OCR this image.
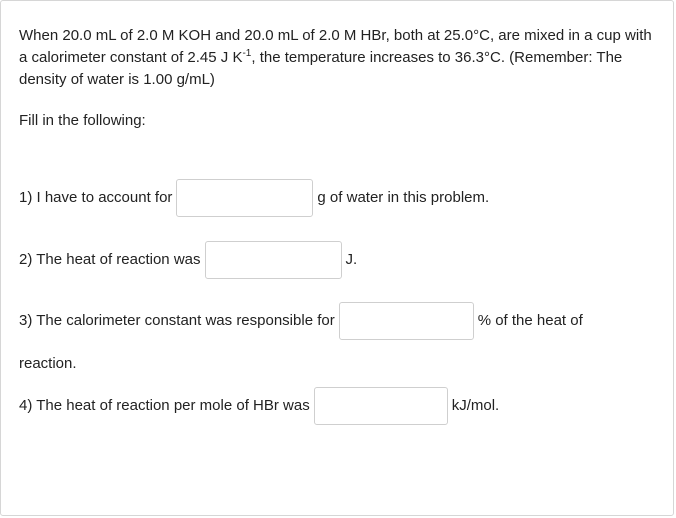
When 20.0 mL of 2.0 M KOH and 20.0 mL of 2.0 M HBr, both at 25.0°C, are mixed in a cup with a calorimeter constant of 2.45 J $K^{-1}$, the temperature increases to 36.3°C. (Remember: The density of water is 1.00 g/mL)

Fill in the following:

1) I have to account for	g of water in this problem.
2) The heat of reaction was	J.
3) The calorimeter constant was responsible for	% of the heat of

reaction.

4) The heat of reaction per mole of HBr was	kJ/mol.
